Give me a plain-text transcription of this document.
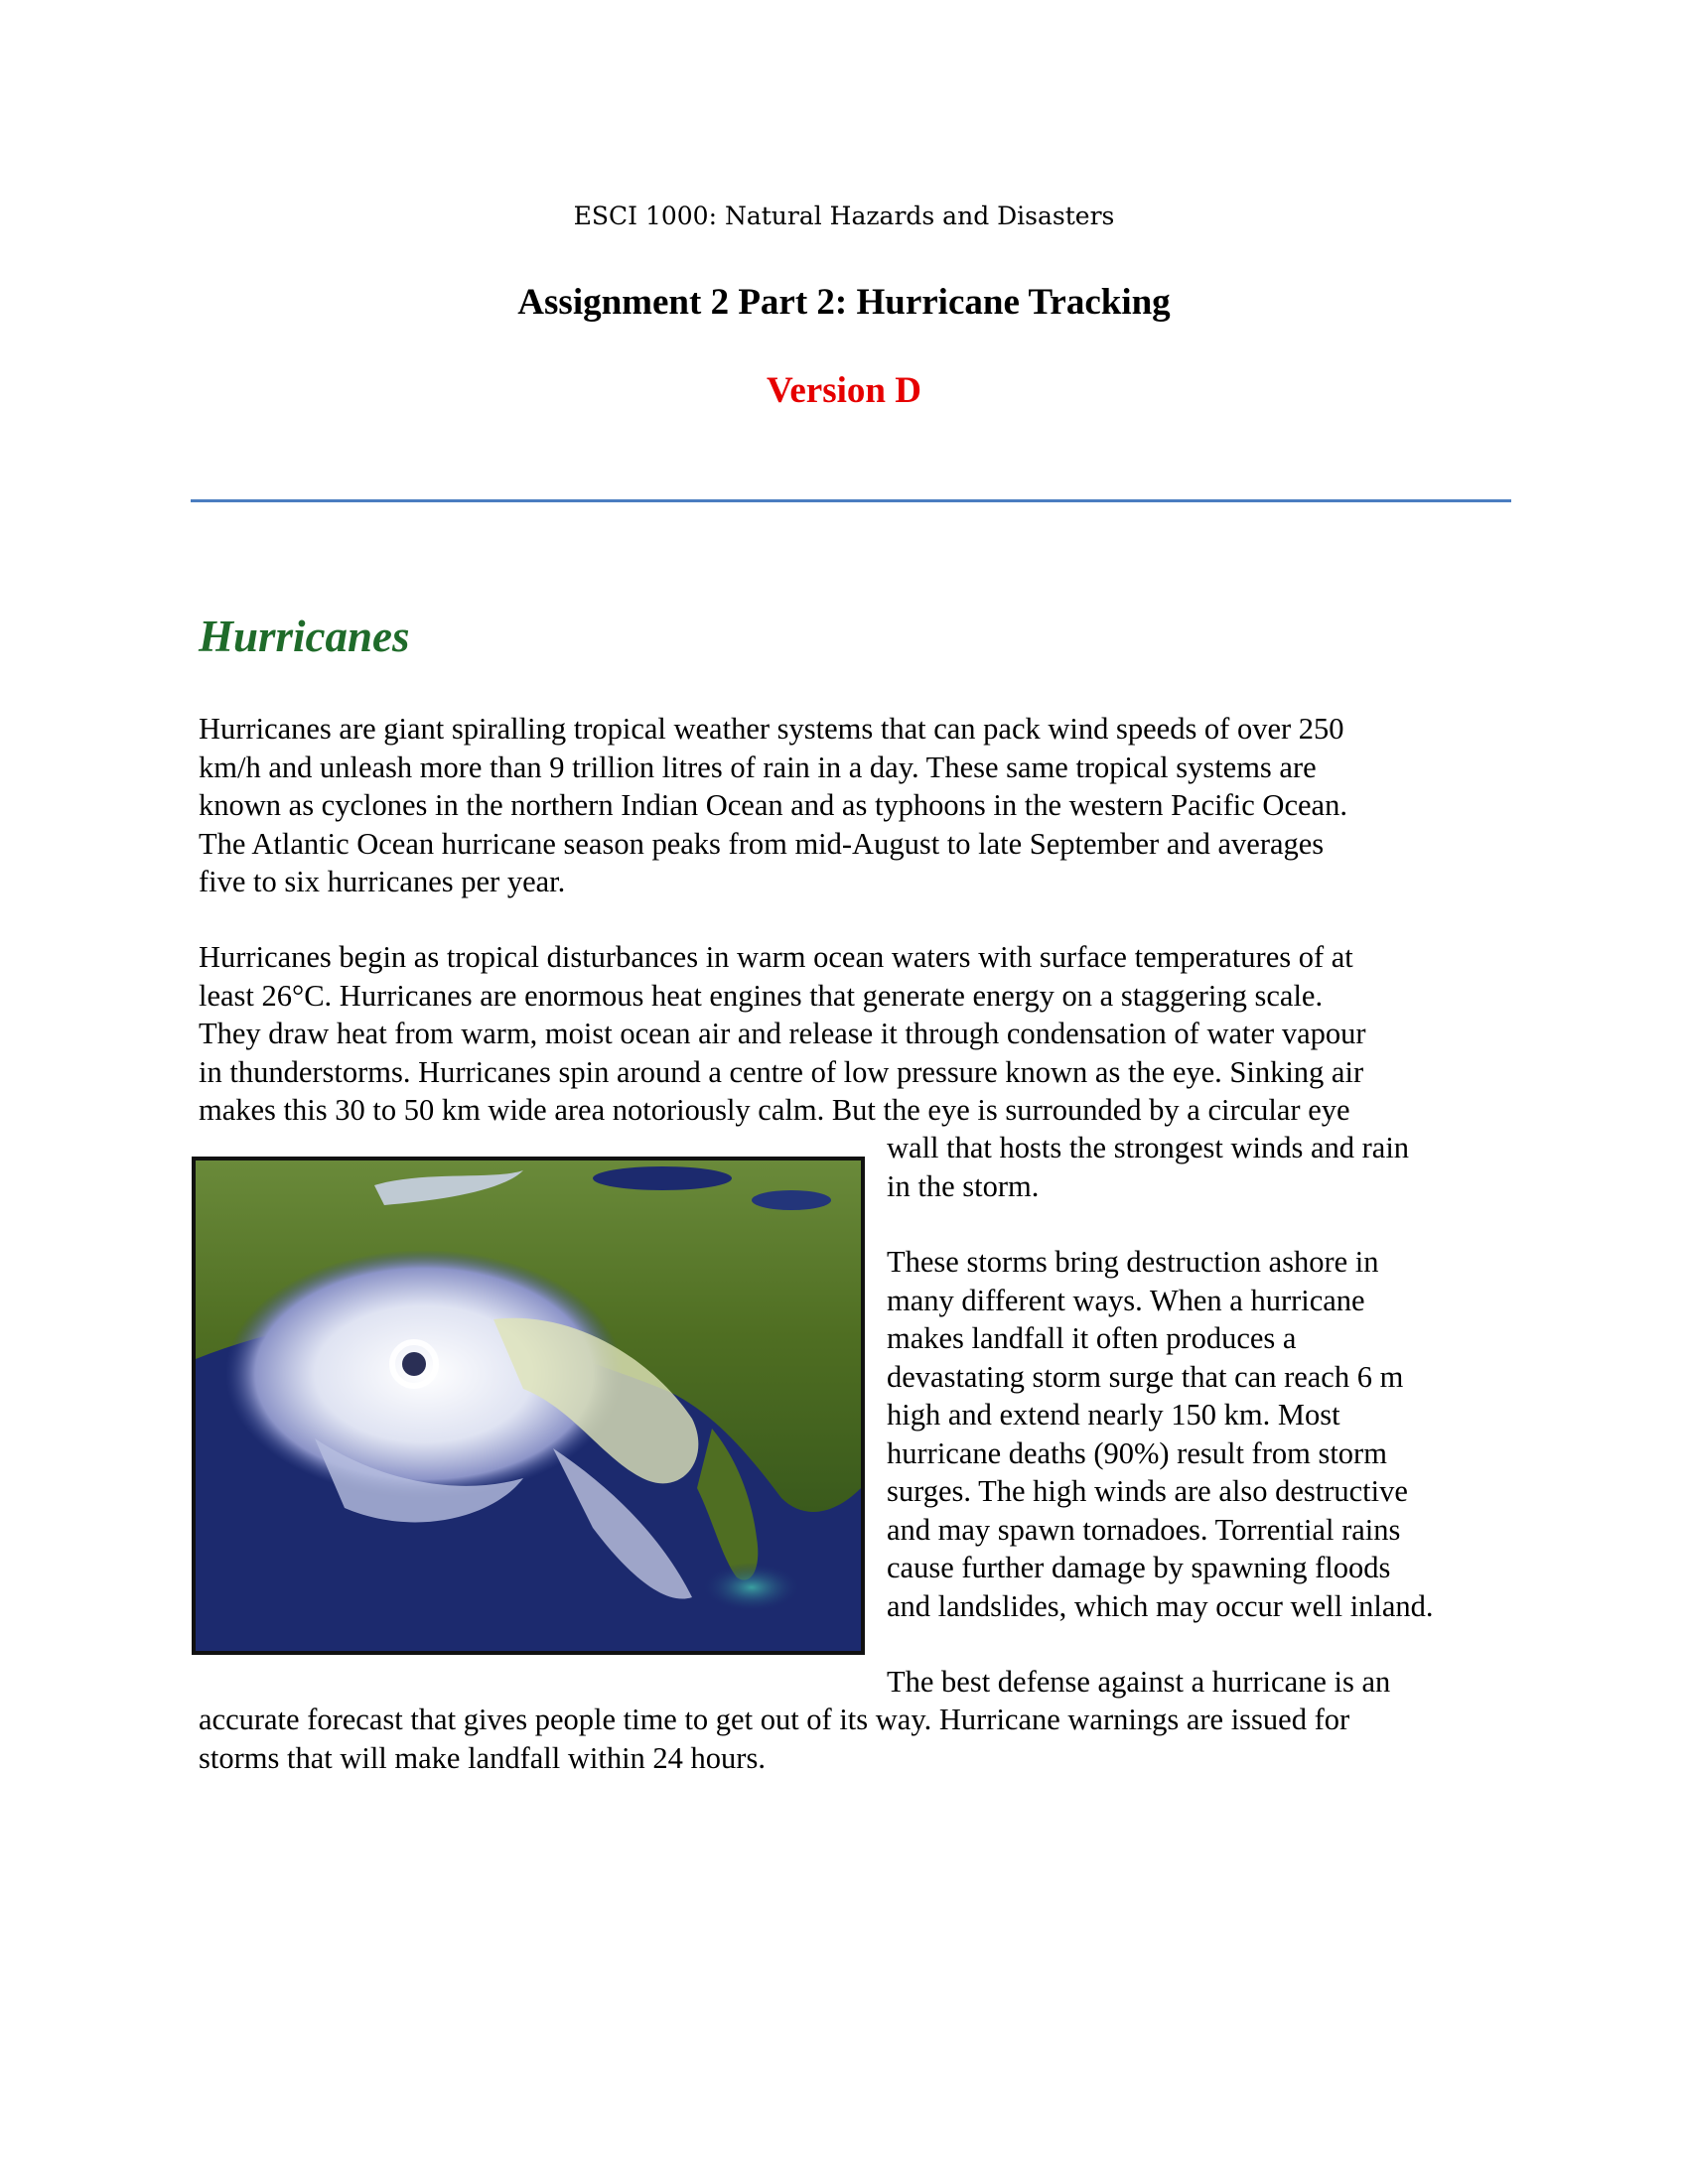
ESCI 1000: Natural Hazards and Disasters
Assignment 2 Part 2: Hurricane Tracking
Version D
Hurricanes
Hurricanes are giant spiralling tropical weather systems that can pack wind speeds of over 250
km/h and unleash more than 9 trillion litres of rain in a day. These same tropical systems are
known as cyclones in the northern Indian Ocean and as typhoons in the western Pacific Ocean.
The Atlantic Ocean hurricane season peaks from mid-August to late September and averages
five to six hurricanes per year.
Hurricanes begin as tropical disturbances in warm ocean waters with surface temperatures of at
least 26°C. Hurricanes are enormous heat engines that generate energy on a staggering scale.
They draw heat from warm, moist ocean air and release it through condensation of water vapour
in thunderstorms. Hurricanes spin around a centre of low pressure known as the eye. Sinking air
makes this 30 to 50 km wide area notoriously calm. But the eye is surrounded by a circular eye
wall that hosts the strongest winds and rain
in the storm.
These storms bring destruction ashore in
many different ways. When a hurricane
makes landfall it often produces a
devastating storm surge that can reach 6 m
high and extend nearly 150 km. Most
hurricane deaths (90%) result from storm
surges. The high winds are also destructive
and may spawn tornadoes. Torrential rains
cause further damage by spawning floods
and landslides, which may occur well inland.
The best defense against a hurricane is an
accurate forecast that gives people time to get out of its way. Hurricane warnings are issued for
storms that will make landfall within 24 hours.
